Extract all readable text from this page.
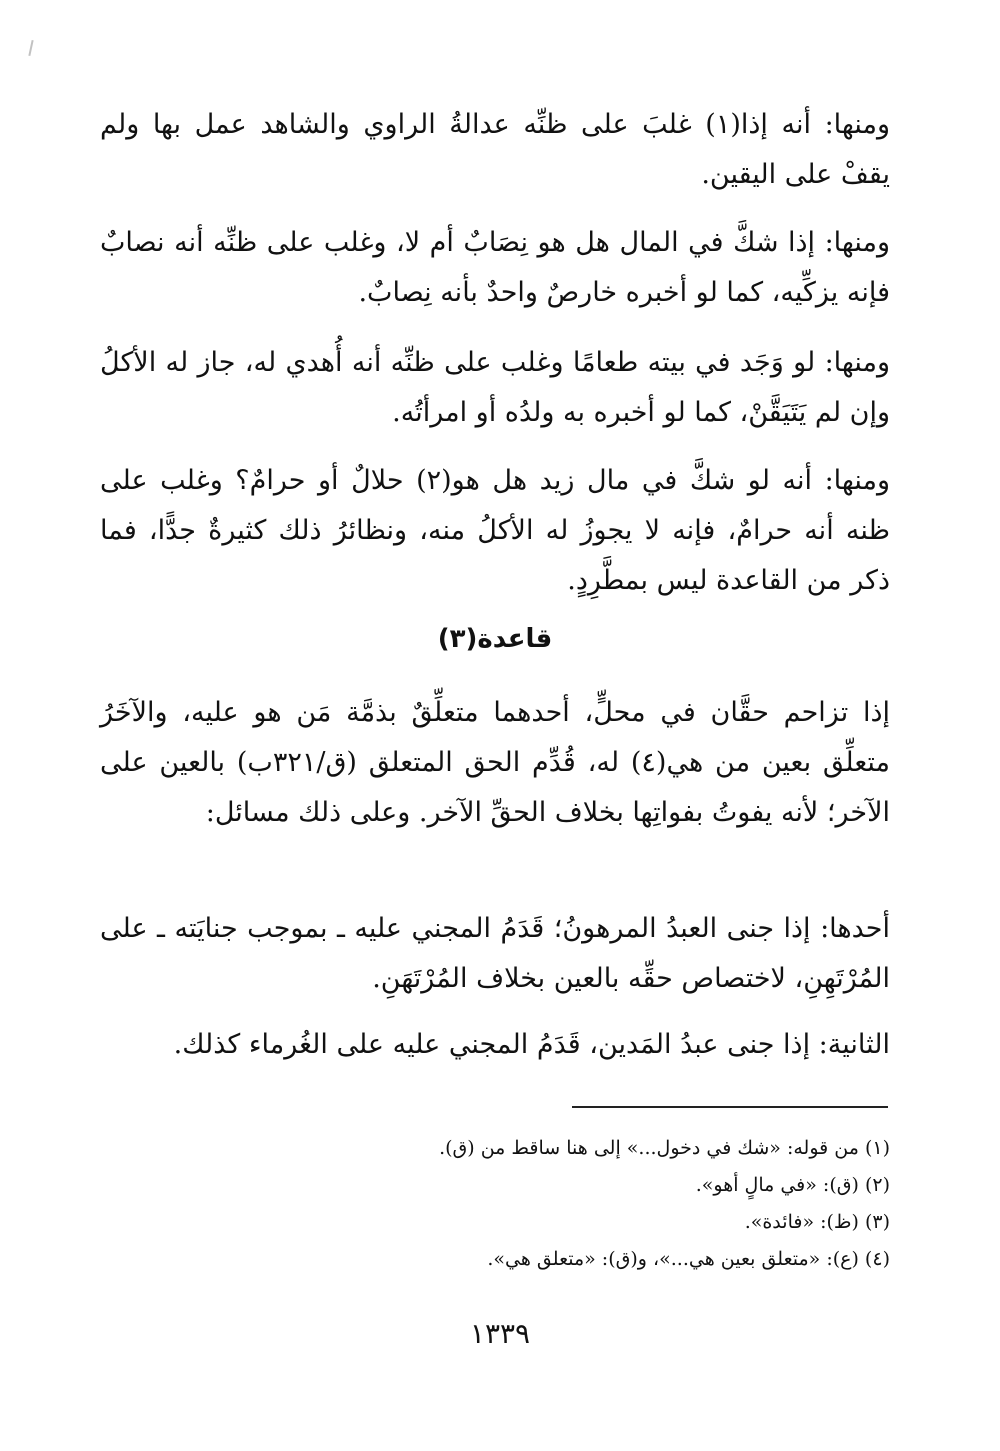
ومنها: أنه إذا(١) غلبَ على ظنِّه عدالةُ الراوي والشاهد عمل بها ولم يقفْ على اليقين.

ومنها: إذا شكَّ في المال هل هو نِصَابٌ أم لا، وغلب على ظنِّه أنه نصابٌ فإنه يزكِّيه، كما لو أخبره خارصٌ واحدٌ بأنه نِصابٌ.

ومنها: لو وَجَد في بيته طعامًا وغلب على ظنِّه أنه أُهدي له، جاز له الأكلُ وإن لم يَتَيَقَّنْ، كما لو أخبره به ولدُه أو امرأتُه.

ومنها: أنه لو شكَّ في مال زيد هل هو(٢) حلالٌ أو حرامٌ؟ وغلب على ظنه أنه حرامٌ، فإنه لا يجوزُ له الأكلُ منه، ونظائرُ ذلك كثيرةٌ جدًّا، فما ذكر من القاعدة ليس بمطَّرِدٍ.

قاعدة(٣)

إذا تزاحم حقَّان في محلٍّ، أحدهما متعلِّقٌ بذمَّة مَن هو عليه، والآخَرُ متعلِّق بعين من هي(٤) له، قُدِّم الحق المتعلق (ق/٣٢١ب) بالعين على الآخر؛ لأنه يفوتُ بفواتِها بخلاف الحقِّ الآخر. وعلى ذلك مسائل:

أحدها: إذا جنى العبدُ المرهونُ؛ قَدَمُ المجني عليه ـ بموجب جنايَته ـ على المُرْتَهِنِ، لاختصاص حقِّه بالعين بخلاف المُرْتَهَنِ.

الثانية: إذا جنى عبدُ المَدين، قَدَمُ المجني عليه على الغُرماء كذلك.

(١) من قوله: «شك في دخول...» إلى هنا ساقط من (ق).
(٢) (ق): «في مالٍ أهو».
(٣) (ظ): «فائدة».
(٤) (ع): «متعلق بعين هي...»، و(ق): «متعلق هي».
١٣٣٩
